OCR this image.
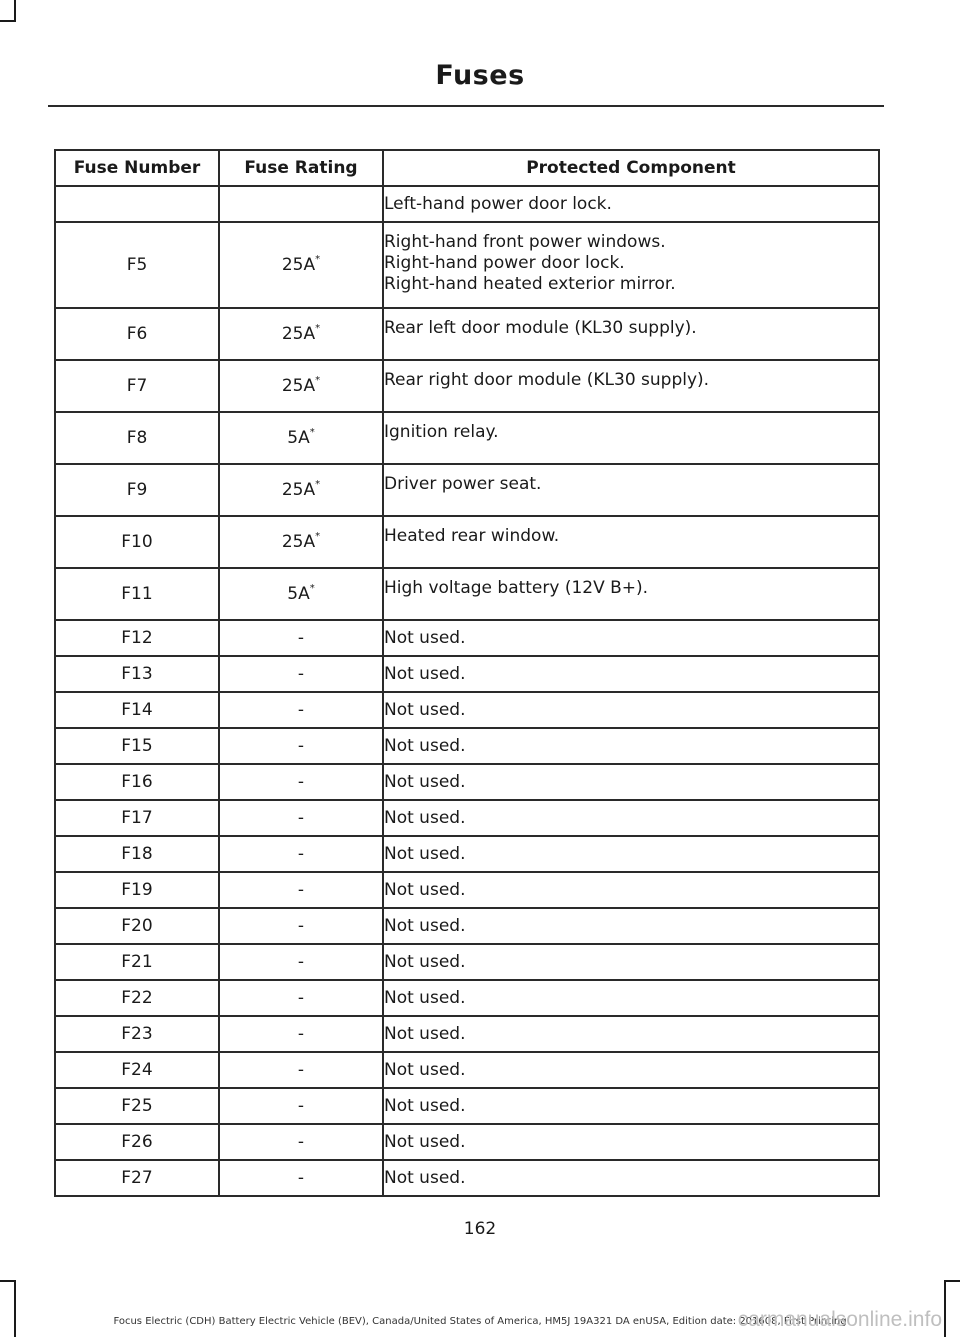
Fuses
Fuse Number	Fuse Rating	Protected Component
		Left-hand power door lock.
F5	25A*	Right-hand front power windows.
Right-hand power door lock.
Right-hand heated exterior mirror.
F6	25A*	Rear left door module (KL30 supply).
F7	25A*	Rear right door module (KL30 supply).
F8	5A*	Ignition relay.
F9	25A*	Driver power seat.
F10	25A*	Heated rear window.
F11	5A*	High voltage battery (12V B+).
F12	-	Not used.
F13	-	Not used.
F14	-	Not used.
F15	-	Not used.
F16	-	Not used.
F17	-	Not used.
F18	-	Not used.
F19	-	Not used.
F20	-	Not used.
F21	-	Not used.
F22	-	Not used.
F23	-	Not used.
F24	-	Not used.
F25	-	Not used.
F26	-	Not used.
F27	-	Not used.
162
Focus Electric (CDH) Battery Electric Vehicle (BEV), Canada/United States of America, HM5J 19A321 DA enUSA, Edition date: 201608, First Printing
carmanualsonline.info
